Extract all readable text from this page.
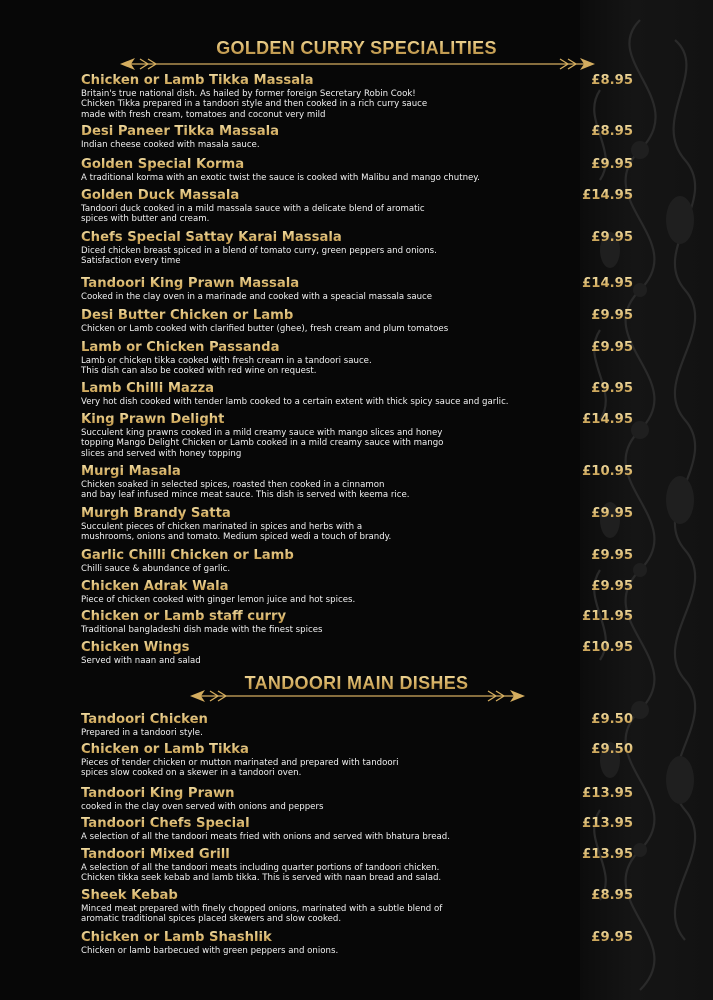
GOLDEN CURRY SPECIALITIES
Chicken or Lamb Tikka Massala	£8.95
Britain's true national dish. As hailed by former foreign Secretary Robin Cook!
Chicken Tikka prepared in a tandoori style and then cooked in a rich curry sauce
made with fresh cream, tomatoes and coconut very mild
Desi Paneer Tikka Massala	£8.95
Indian cheese cooked with masala sauce.
Golden Special Korma	£9.95
A traditional korma with an exotic twist the sauce is cooked with Malibu and mango chutney.
Golden Duck Massala	£14.95
Tandoori duck cooked in a mild massala sauce with a delicate blend of aromatic
spices with butter and cream.
Chefs Special Sattay Karai Massala	£9.95
Diced chicken breast spiced in a blend of tomato curry, green peppers and onions.
Satisfaction every time
Tandoori King Prawn Massala	£14.95
Cooked in the clay oven in a marinade and cooked with a speacial massala sauce
Desi Butter Chicken or Lamb	£9.95
Chicken or Lamb cooked with clarified butter (ghee), fresh cream and plum tomatoes
Lamb or Chicken Passanda	£9.95
Lamb or chicken tikka cooked with fresh cream in a tandoori sauce.
This dish can also be cooked with red wine on request.
Lamb Chilli Mazza	£9.95
Very hot dish cooked with tender lamb cooked to a certain extent with thick spicy sauce and garlic.
King Prawn Delight	£14.95
Succulent king prawns cooked in a mild creamy sauce with mango slices and honey
topping Mango Delight Chicken or Lamb cooked in a mild creamy sauce with mango
slices and served with honey topping
Murgi Masala	£10.95
Chicken soaked in selected spices, roasted then cooked in a cinnamon
and bay leaf infused mince meat sauce. This dish is served with keema rice.
Murgh Brandy Satta	£9.95
Succulent pieces of chicken marinated in spices and herbs with a
mushrooms, onions and tomato. Medium spiced wedi a touch of brandy.
Garlic Chilli Chicken or Lamb	£9.95
Chilli sauce & abundance of garlic.
Chicken Adrak Wala	£9.95
Piece of chicken cooked with ginger lemon juice and hot spices.
Chicken or Lamb staff curry	£11.95
Traditional bangladeshi dish made with the finest spices
Chicken Wings	£10.95
Served with naan and salad
TANDOORI MAIN DISHES
Tandoori Chicken	£9.50
Prepared in a tandoori style.
Chicken or Lamb Tikka	£9.50
Pieces of tender chicken or mutton marinated and prepared with tandoori
spices slow cooked on a skewer in a tandoori oven.
Tandoori King Prawn	£13.95
cooked in the clay oven served with onions and peppers
Tandoori Chefs Special	£13.95
A selection of all the tandoori meats fried with onions and served with bhatura bread.
Tandoori Mixed Grill	£13.95
A selection of all the tandoori meats including quarter portions of tandoori chicken.
Chicken tikka seek kebab and lamb tikka. This is served with naan bread and salad.
Sheek Kebab	£8.95
Minced meat prepared with finely chopped onions, marinated with a subtle blend of
aromatic traditional spices placed skewers and slow cooked.
Chicken or Lamb Shashlik	£9.95
Chicken or lamb barbecued with green peppers and onions.
